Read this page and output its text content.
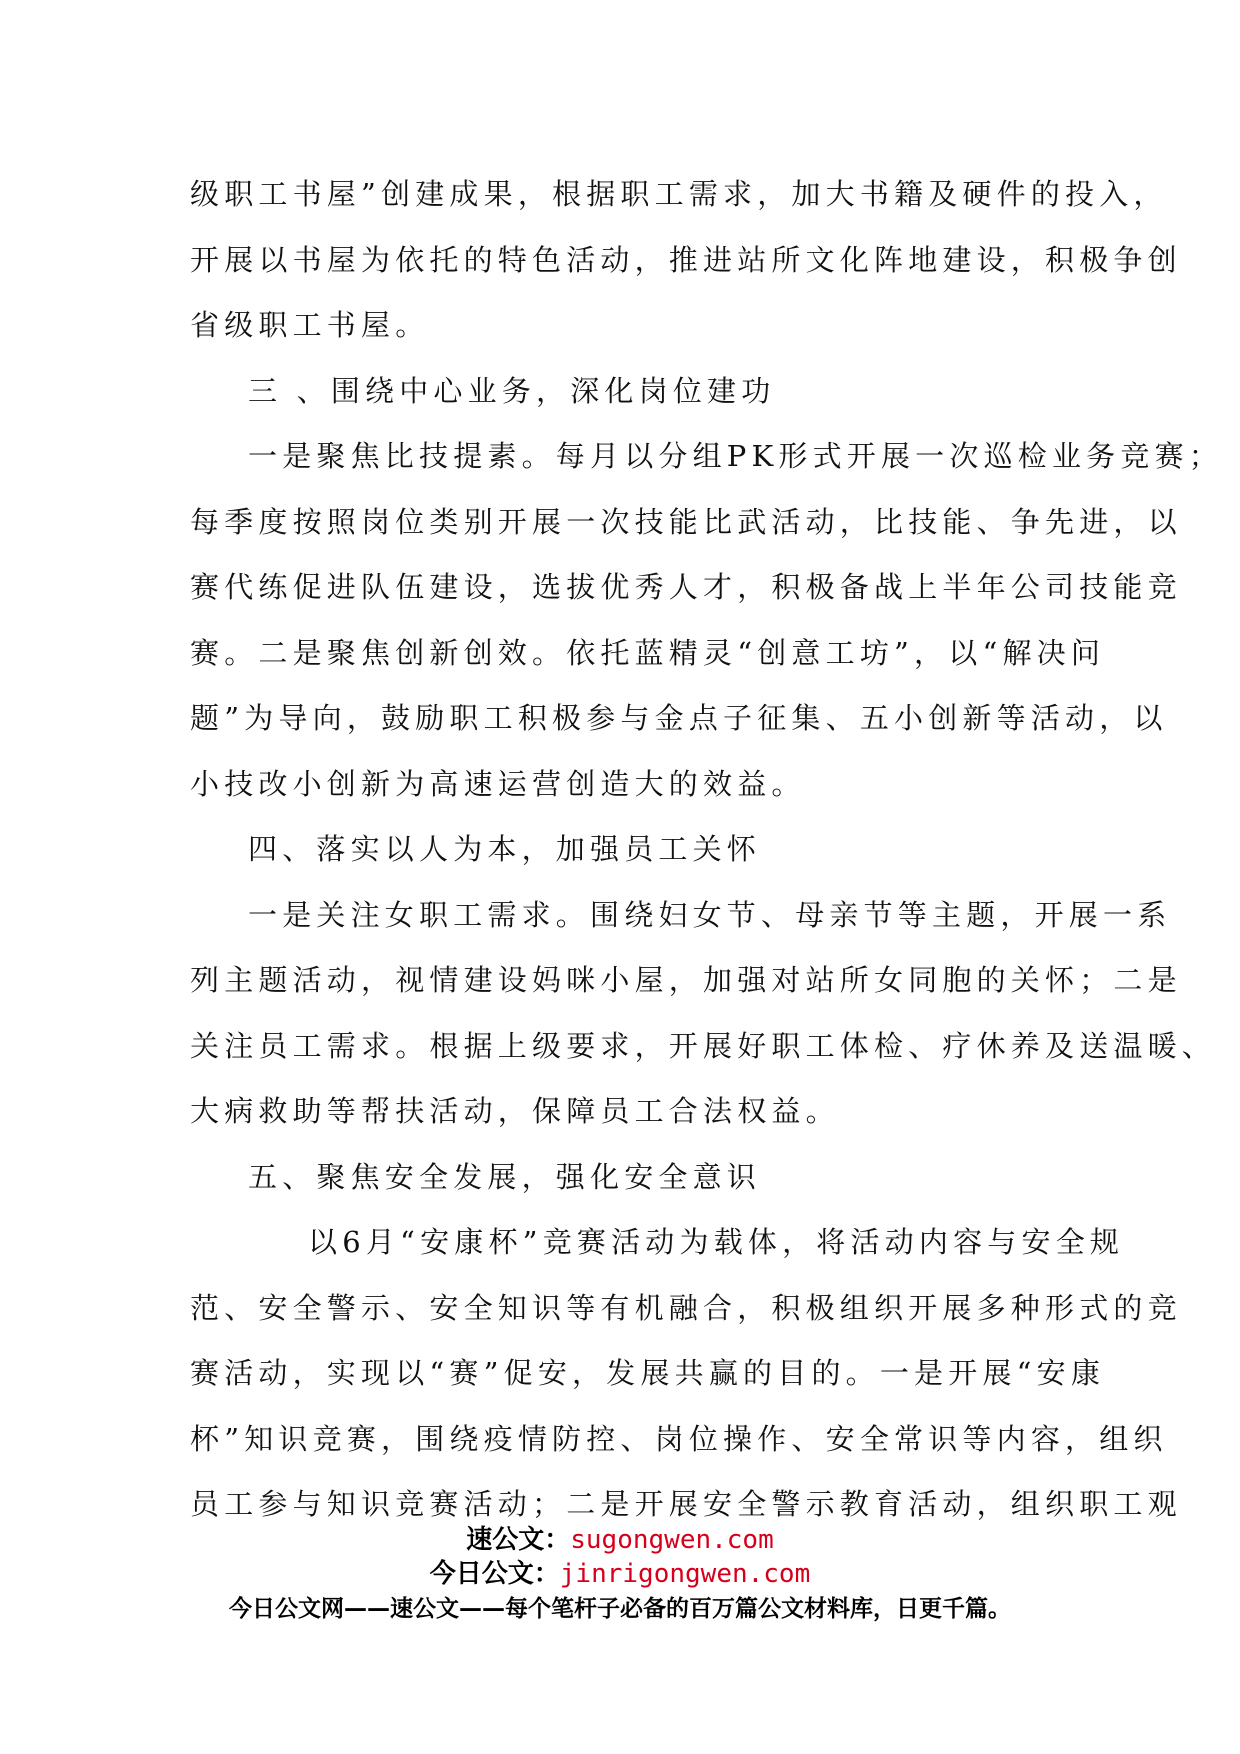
级职工书屋”创建成果，根据职工需求，加大书籍及硬件的投入，
开展以书屋为依托的特色活动，推进站所文化阵地建设，积极争创
省级职工书屋。
三 、围绕中心业务，深化岗位建功
一是聚焦比技提素。每月以分组PK形式开展一次巡检业务竞赛；
每季度按照岗位类别开展一次技能比武活动，比技能、争先进，以
赛代练促进队伍建设，选拔优秀人才，积极备战上半年公司技能竞
赛。二是聚焦创新创效。依托蓝精灵“创意工坊”，以“解决问
题”为导向，鼓励职工积极参与金点子征集、五小创新等活动，以
小技改小创新为高速运营创造大的效益。
四、落实以人为本，加强员工关怀
一是关注女职工需求。围绕妇女节、母亲节等主题，开展一系
列主题活动，视情建设妈咪小屋，加强对站所女同胞的关怀；二是
关注员工需求。根据上级要求，开展好职工体检、疗休养及送温暖、
大病救助等帮扶活动，保障员工合法权益。
五、聚焦安全发展，强化安全意识
以6月“安康杯”竞赛活动为载体，将活动内容与安全规
范、安全警示、安全知识等有机融合，积极组织开展多种形式的竞
赛活动，实现以“赛”促安，发展共赢的目的。一是开展“安康
杯”知识竞赛，围绕疫情防控、岗位操作、安全常识等内容，组织
员工参与知识竞赛活动；二是开展安全警示教育活动，组织职工观
速公文：sugongwen.com
今日公文：jinrigongwen.com
今日公文网——速公文——每个笔杆子必备的百万篇公文材料库，日更千篇。
